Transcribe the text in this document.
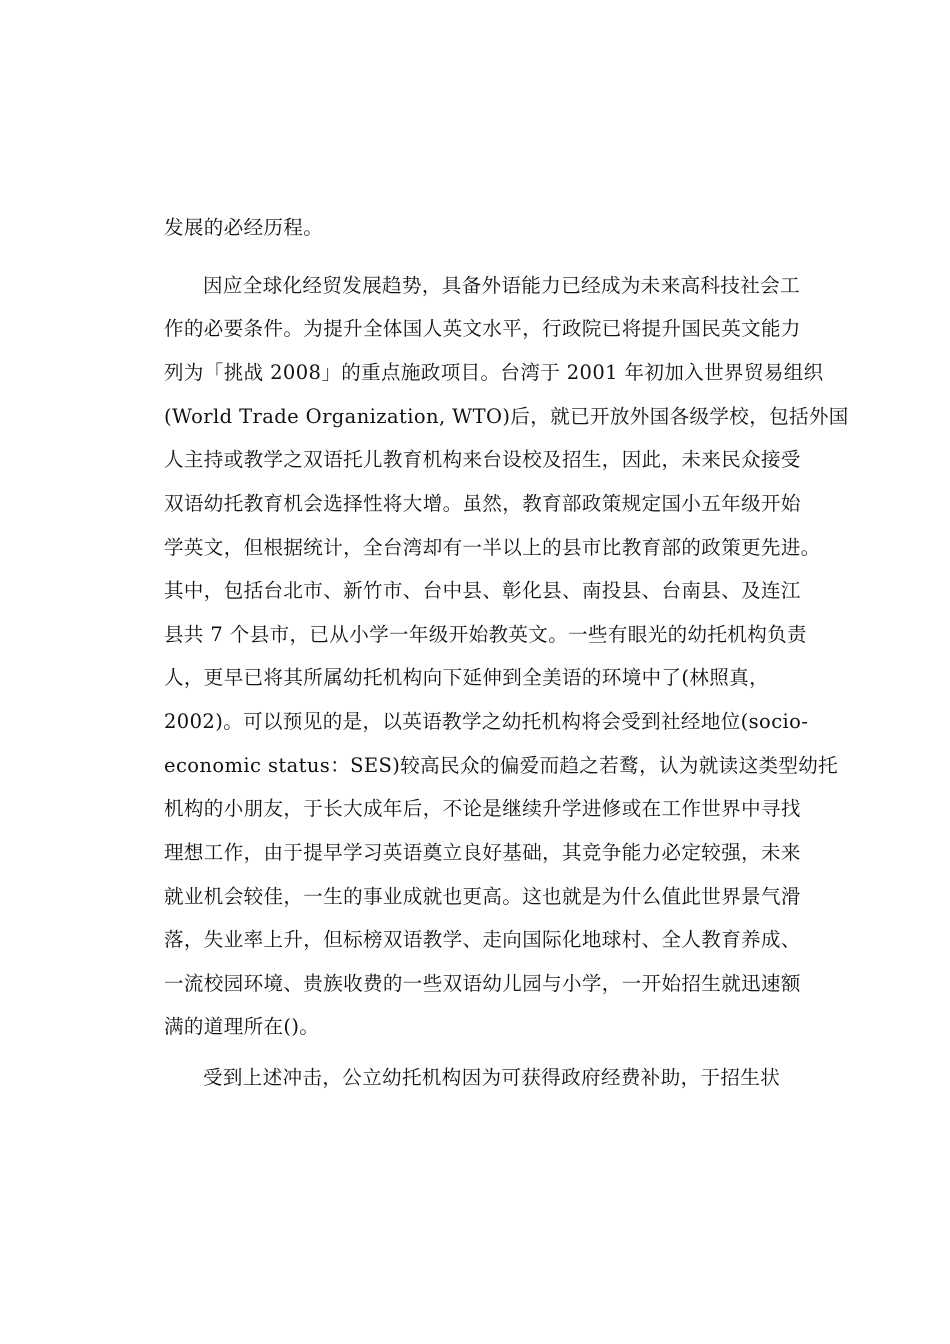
发展的必经历程。
因应全球化经贸发展趋势，具备外语能力已经成为未来高科技社会工
作的必要条件。为提升全体国人英文水平，行政院已将提升国民英文能力
列为「挑战 2008」的重点施政项目。台湾于 2001 年初加入世界贸易组织
(World Trade Organization, WTO)后，就已开放外国各级学校，包括外国
人主持或教学之双语托儿教育机构来台设校及招生，因此，未来民众接受
双语幼托教育机会选择性将大增。虽然，教育部政策规定国小五年级开始
学英文，但根据统计，全台湾却有一半以上的县市比教育部的政策更先进。
其中，包括台北市、新竹市、台中县、彰化县、南投县、台南县、及连江
县共 7 个县市，已从小学一年级开始教英文。一些有眼光的幼托机构负责
人，更早已将其所属幼托机构向下延伸到全美语的环境中了(林照真，
2002)。可以预见的是，以英语教学之幼托机构将会受到社经地位(socio-
economic status：SES)较高民众的偏爱而趋之若鹜，认为就读这类型幼托
机构的小朋友，于长大成年后，不论是继续升学进修或在工作世界中寻找
理想工作，由于提早学习英语奠立良好基础，其竞争能力必定较强，未来
就业机会较佳，一生的事业成就也更高。这也就是为什么值此世界景气滑
落，失业率上升，但标榜双语教学、走向国际化地球村、全人教育养成、
一流校园环境、贵族收费的一些双语幼儿园与小学，一开始招生就迅速额
满的道理所在()。
受到上述冲击，公立幼托机构因为可获得政府经费补助，于招生状
